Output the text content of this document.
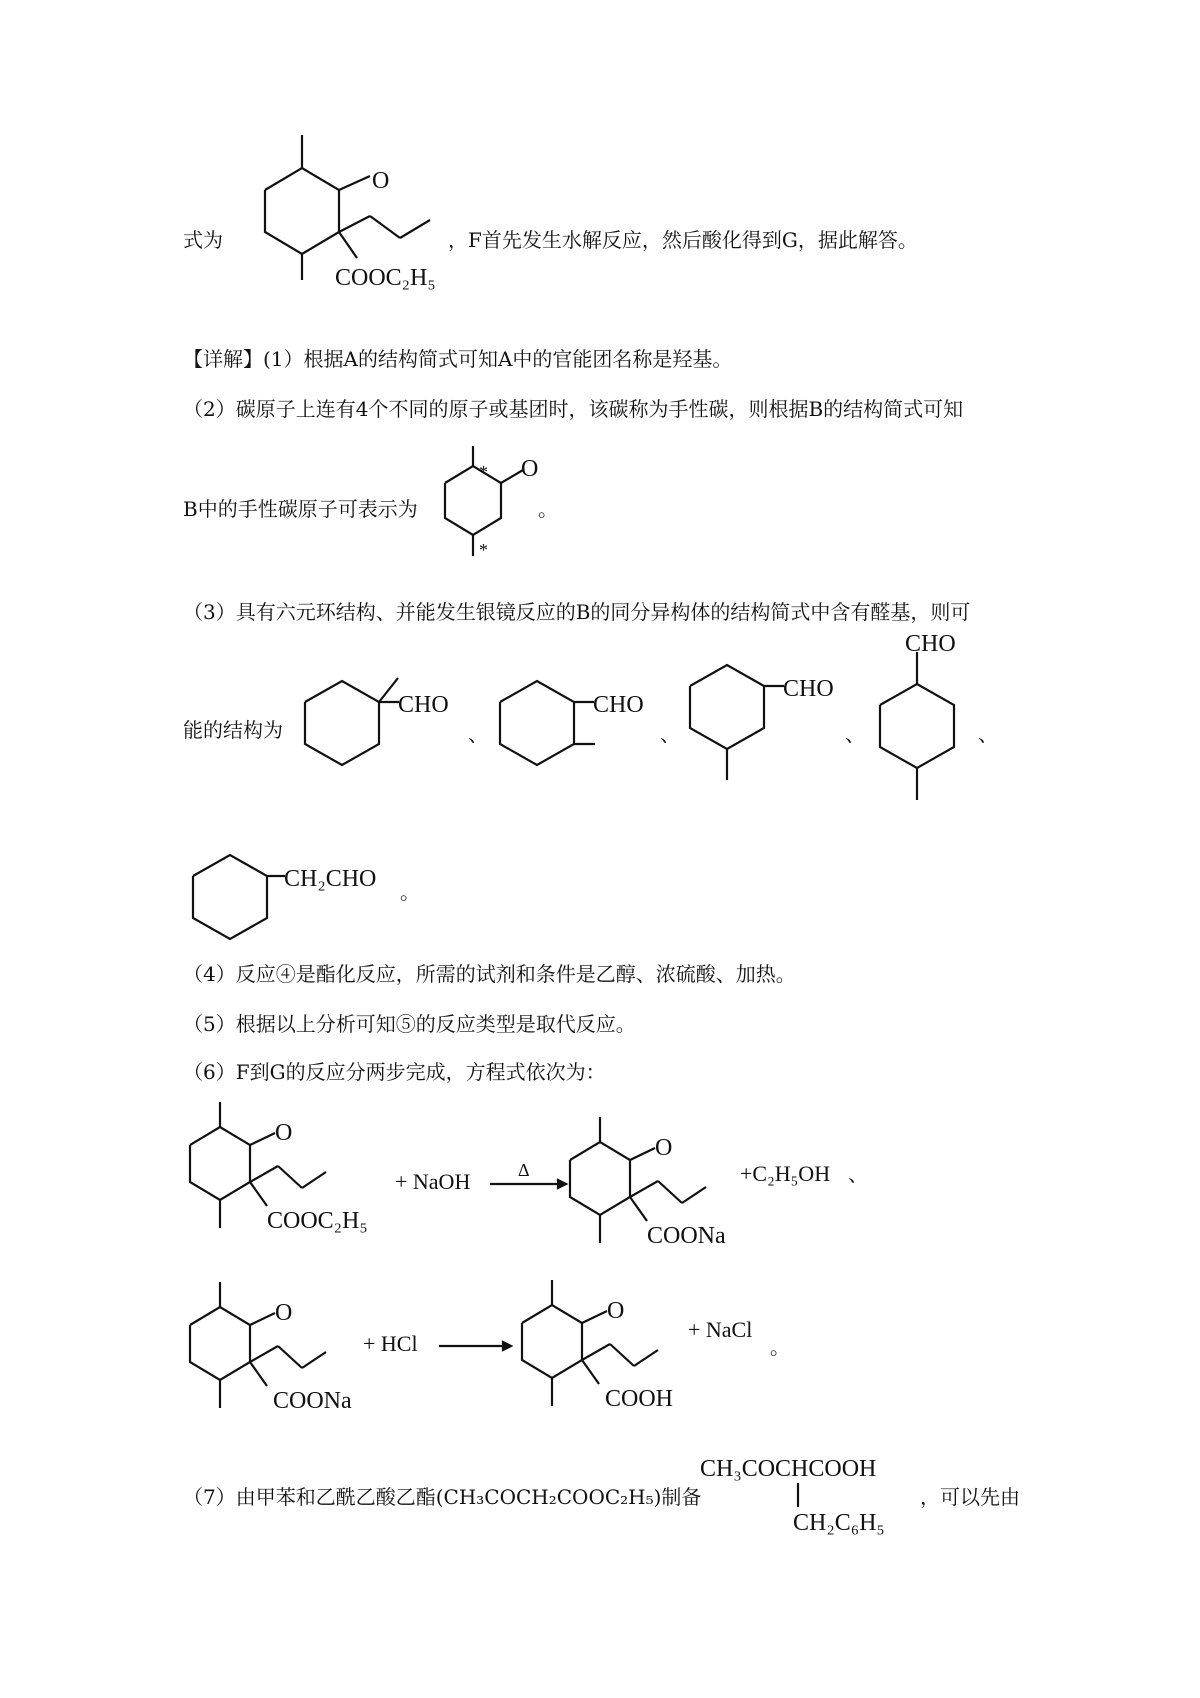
式为
O
COOC₂H₅
，F首先发生水解反应，然后酸化得到G，据此解答。
【详解】(1）根据A的结构简式可知A中的官能团名称是羟基。
（2）碳原子上连有4个不同的原子或基团时，该碳称为手性碳，则根据B的结构简式可知
B中的手性碳原子可表示为
*
*
O
。
（3）具有六元环结构、并能发生银镜反应的B的同分异构体的结构简式中含有醛基，则可
能的结构为
CHO
、
CHO
、
CHO
、
CHO
、
CH₂CHO 。
（4）反应④是酯化反应，所需的试剂和条件是乙醇、浓硫酸、加热。
（5）根据以上分析可知⑤的反应类型是取代反应。
（6）F到G的反应分两步完成，方程式依次为：
O
COOC₂H₅
+ NaOH	Δ
O
COONa
+C₂H₅OH 、
O
COONa
+ HCl
O
COOH
+ NaCl
。
（7）由甲苯和乙酰乙酸乙酯(CH₃COCH₂COOC₂H₅)制备
CH₃COCHCOOH
CH₂C₆H₅
，可以先由
